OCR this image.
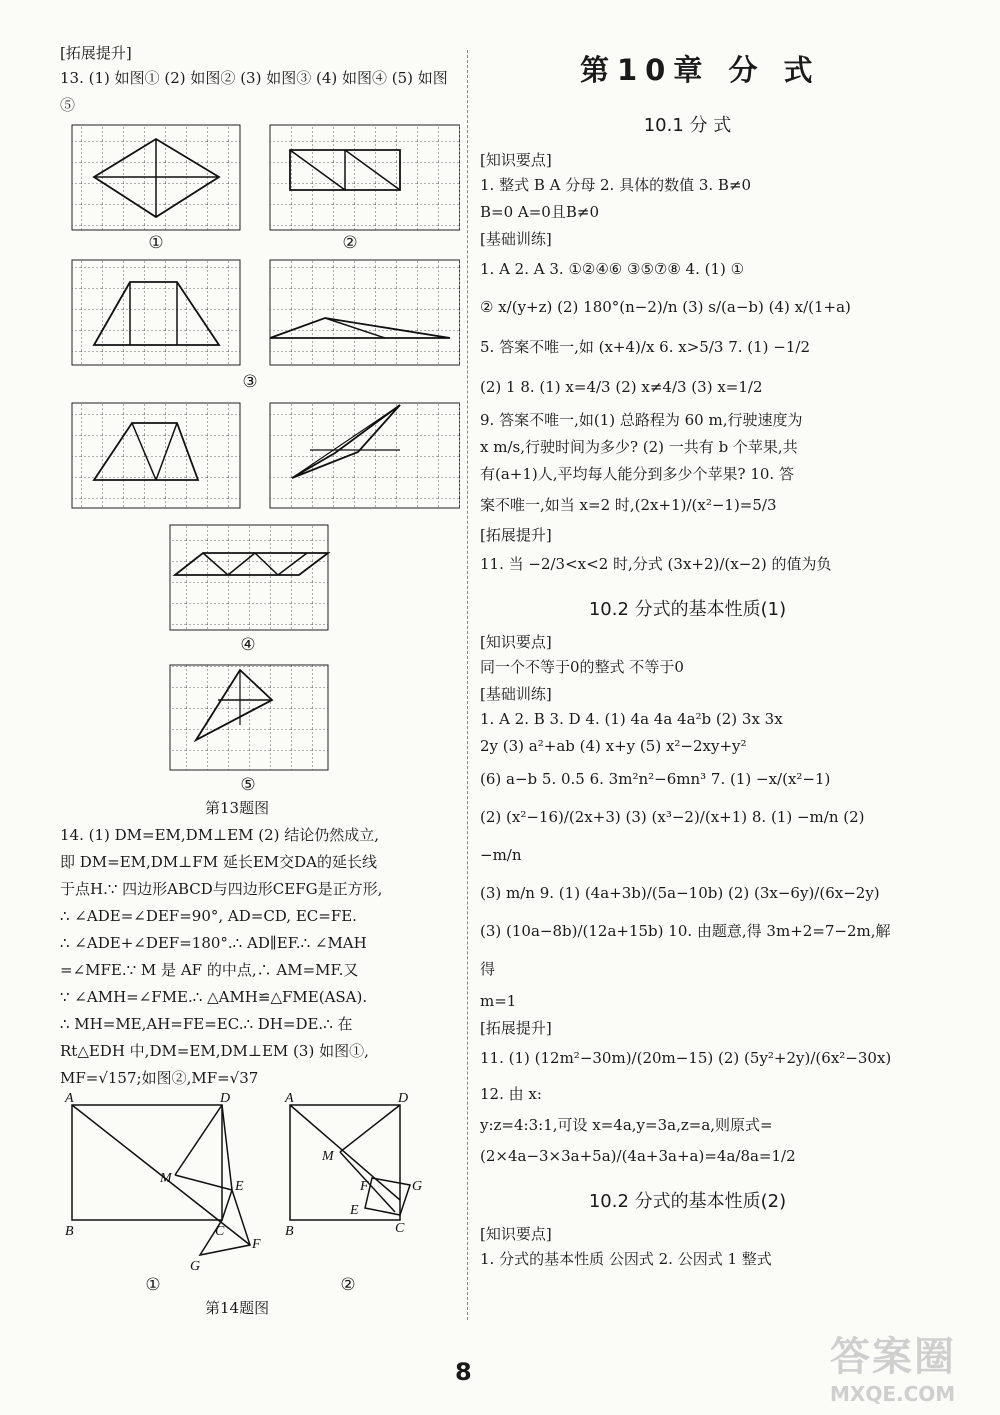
[拓展提升]

13. (1) 如图① (2) 如图② (3) 如图③ (4) 如图④ (5) 如图⑤

①	②
③
④
⑤
第13题图

14. (1) DM=EM,DM⊥EM (2) 结论仍然成立,

即 DM=EM,DM⊥FM 延长EM交DA的延长线

于点H.∵ 四边形ABCD与四边形CEFG是正方形,

∴ ∠ADE=∠DEF=90°, AD=CD, EC=FE.

∴ ∠ADE+∠DEF=180°.∴ AD∥EF.∴ ∠MAH

=∠MFE.∵ M 是 AF 的中点,∴ AM=MF.又

∵ ∠AMH=∠FME.∴ △AMH≌△FME(ASA).

∴ MH=ME,AH=FE=EC.∴ DH=DE.∴ 在

Rt△EDH 中,DM=EM,DM⊥EM (3) 如图①,

MF=√157;如图②,MF=√37

A	D
B	C
M
E
F
G
A	D
B	C
M
E
F	G
①	②
第14题图
第10章 分 式
10.1 分 式
[知识要点]

1. 整式 B A 分母 2. 具体的数值 3. B≠0

B=0 A=0且B≠0

[基础训练]

1. A 2. A 3. ①②④⑥ ③⑤⑦⑧ 4. (1) ①

② x/(y+z) (2) 180°(n−2)/n (3) s/(a−b) (4) x/(1+a)

5. 答案不唯一,如 (x+4)/x 6. x>5/3 7. (1) −1/2

(2) 1 8. (1) x=4/3 (2) x≠4/3 (3) x=1/2

9. 答案不唯一,如(1) 总路程为 60 m,行驶速度为

x m/s,行驶时间为多少? (2) 一共有 b 个苹果,共

有(a+1)人,平均每人能分到多少个苹果? 10. 答

案不唯一,如当 x=2 时,(2x+1)/(x²−1)=5/3

[拓展提升]

11. 当 −2/3<x<2 时,分式 (3x+2)/(x−2) 的值为负

10.2 分式的基本性质(1)
[知识要点]

同一个不等于0的整式 不等于0

[基础训练]

1. A 2. B 3. D 4. (1) 4a 4a 4a²b (2) 3x 3x

2y (3) a²+ab (4) x+y (5) x²−2xy+y²

(6) a−b 5. 0.5 6. 3m²n²−6mn³ 7. (1) −x/(x²−1)

(2) (x²−16)/(2x+3) (3) (x³−2)/(x+1) 8. (1) −m/n (2) −m/n

(3) m/n 9. (1) (4a+3b)/(5a−10b) (2) (3x−6y)/(6x−2y)

(3) (10a−8b)/(12a+15b) 10. 由题意,得 3m+2=7−2m,解得

m=1

[拓展提升]

11. (1) (12m²−30m)/(20m−15) (2) (5y²+2y)/(6x²−30x) 12. 由 x:

y:z=4:3:1,可设 x=4a,y=3a,z=a,则原式=

(2×4a−3×3a+5a)/(4a+3a+a)=4a/8a=1/2

10.2 分式的基本性质(2)
[知识要点]

1. 分式的基本性质 公因式 2. 公因式 1 整式

8	答案圈
MXQE.COM
